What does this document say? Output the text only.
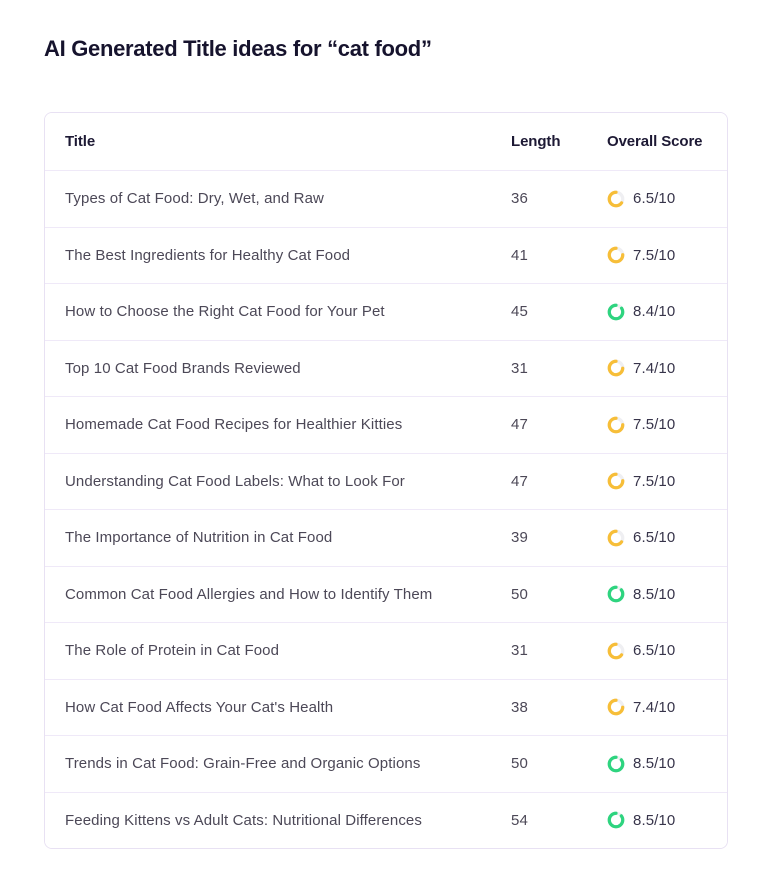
AI Generated Title ideas for “cat food”
Title	Length	Overall Score
Types of Cat Food: Dry, Wet, and Raw	36	6.5/10
The Best Ingredients for Healthy Cat Food	41	7.5/10
How to Choose the Right Cat Food for Your Pet	45	8.4/10
Top 10 Cat Food Brands Reviewed	31	7.4/10
Homemade Cat Food Recipes for Healthier Kitties	47	7.5/10
Understanding Cat Food Labels: What to Look For	47	7.5/10
The Importance of Nutrition in Cat Food	39	6.5/10
Common Cat Food Allergies and How to Identify Them	50	8.5/10
The Role of Protein in Cat Food	31	6.5/10
How Cat Food Affects Your Cat's Health	38	7.4/10
Trends in Cat Food: Grain-Free and Organic Options	50	8.5/10
Feeding Kittens vs Adult Cats: Nutritional Differences	54	8.5/10
